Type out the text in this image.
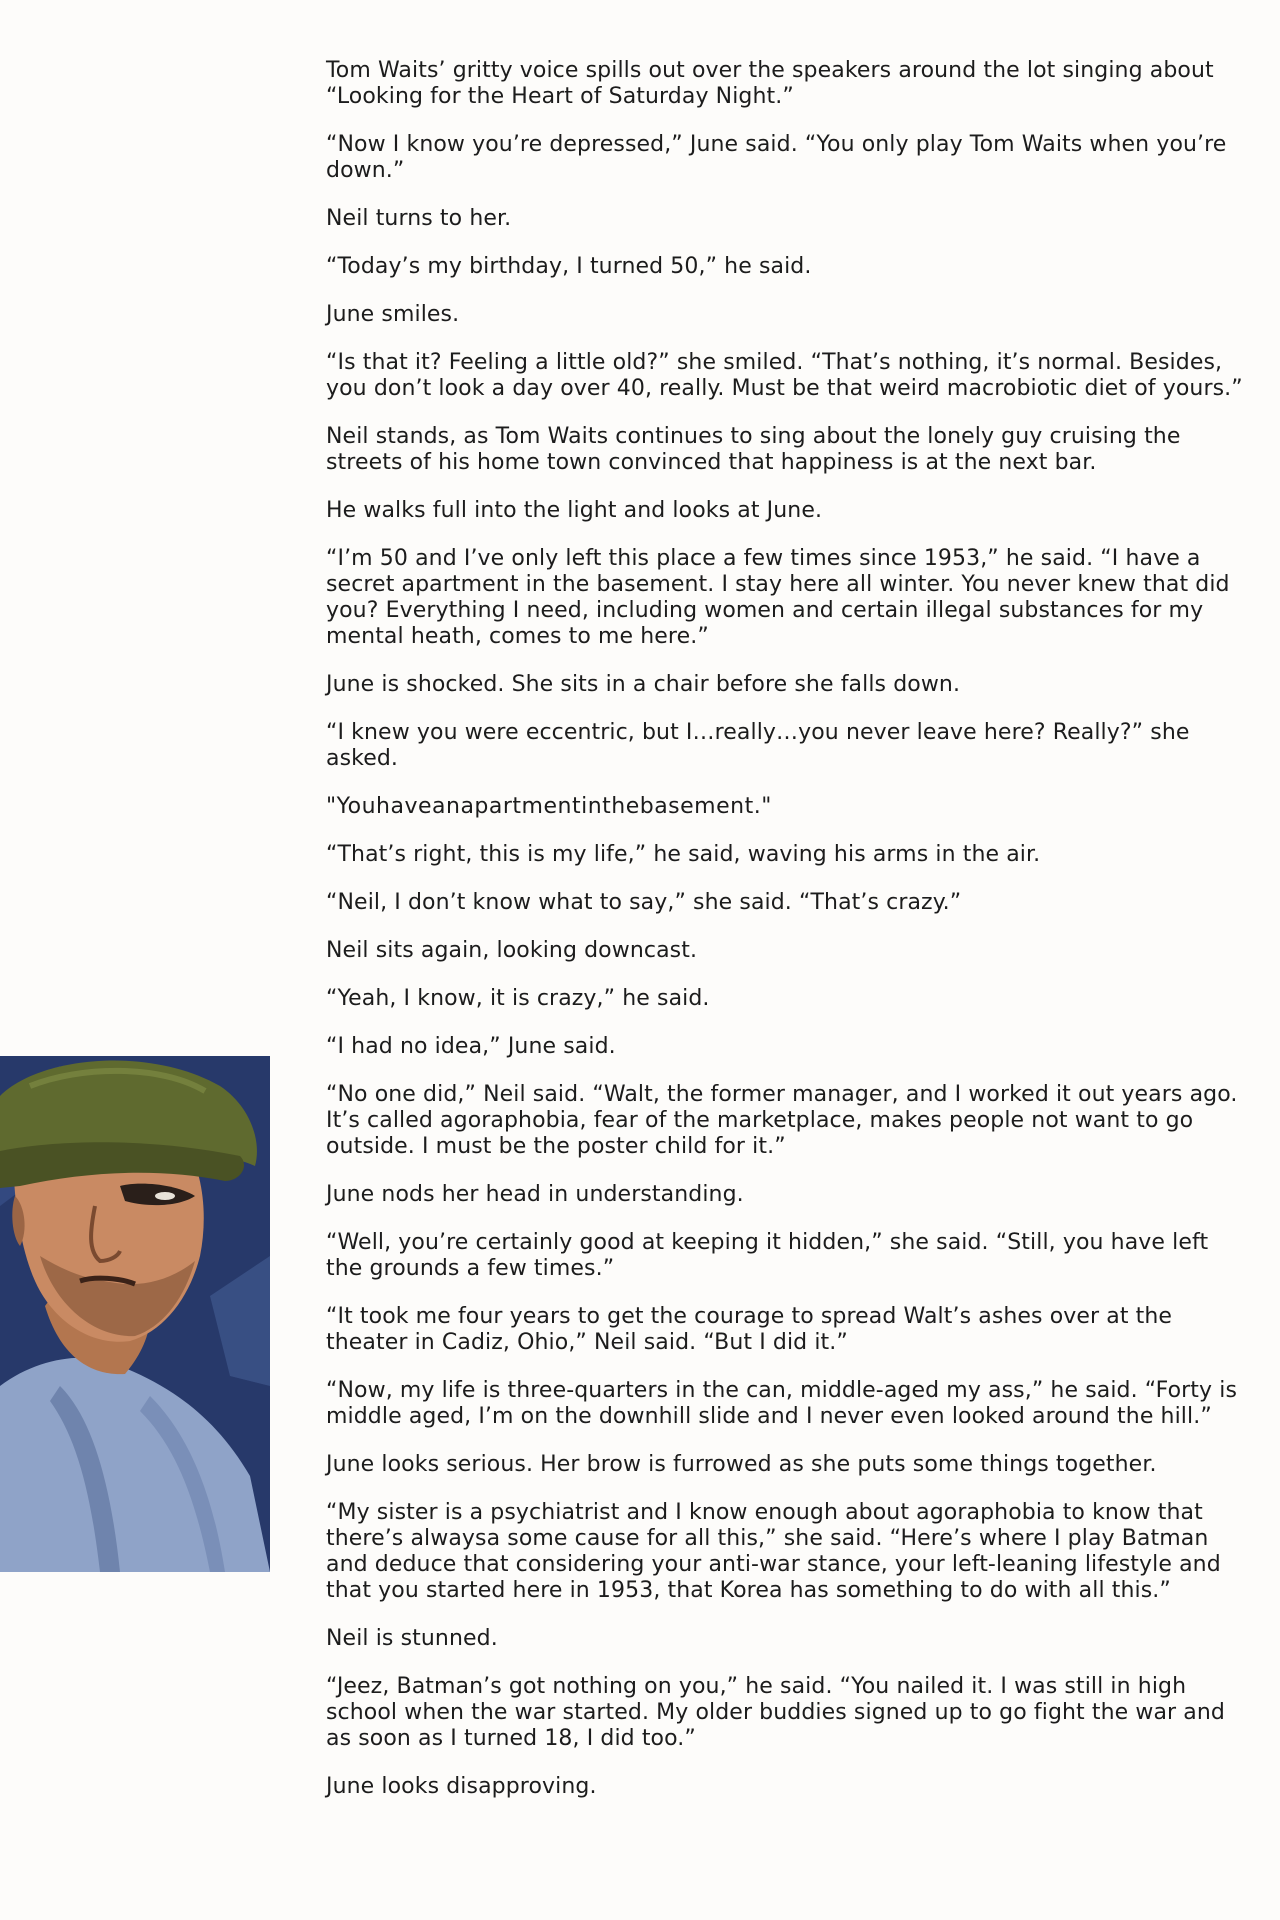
Tom Waits’ gritty voice spills out over the speakers around the lot singing about “Looking for the Heart of Saturday Night.”

“Now I know you’re depressed,” June said. “You only play Tom Waits when you’re down.”

Neil turns to her.

“Today’s my birthday, I turned 50,” he said.

June smiles.

“Is that it? Feeling a little old?” she smiled. “That’s nothing, it’s normal. Besides, you don’t look a day over 40, really. Must be that weird macrobiotic diet of yours.”

Neil stands, as Tom Waits continues to sing about the lonely guy cruising the streets of his home town convinced that happiness is at the next bar.

He walks full into the light and looks at June.

“I’m 50 and I’ve only left this place a few times since 1953,” he said. “I have a secret apartment in the basement. I stay here all winter. You never knew that did you? Everything I need, including women and certain illegal substances for my mental heath, comes to me here.”

June is shocked. She sits in a chair before she falls down.

“I knew you were eccentric, but I…really…you never leave here? Really?” she asked.

"Youhaveanapartmentinthebasement."

“That’s right, this is my life,” he said, waving his arms in the air.

“Neil, I don’t know what to say,” she said. “That’s crazy.”

Neil sits again, looking downcast.

“Yeah, I know, it is crazy,” he said.

“I had no idea,” June said.

“No one did,” Neil said. “Walt, the former manager, and I worked it out years ago. It’s called agoraphobia, fear of the marketplace, makes people not want to go outside. I must be the poster child for it.”

June nods her head in understanding.

“Well, you’re certainly good at keeping it hidden,” she said. “Still, you have left the grounds a few times.”

“It took me four years to get the courage to spread Walt’s ashes over at the theater in Cadiz, Ohio,” Neil said. “But I did it.”

“Now, my life is three-quarters in the can, middle-aged my ass,” he said. “Forty is middle aged, I’m on the downhill slide and I never even looked around the hill.”

June looks serious. Her brow is furrowed as she puts some things together.

“My sister is a psychiatrist and I know enough about agoraphobia to know that there’s alwaysa some cause for all this,” she said. “Here’s where I play Batman and deduce that considering your anti-war stance, your left-leaning lifestyle and that you started here in 1953, that Korea has something to do with all this.”

Neil is stunned.

“Jeez, Batman’s got nothing on you,” he said. “You nailed it. I was still in high school when the war started. My older buddies signed up to go fight the war and as soon as I turned 18, I did too.”

June looks disapproving.
